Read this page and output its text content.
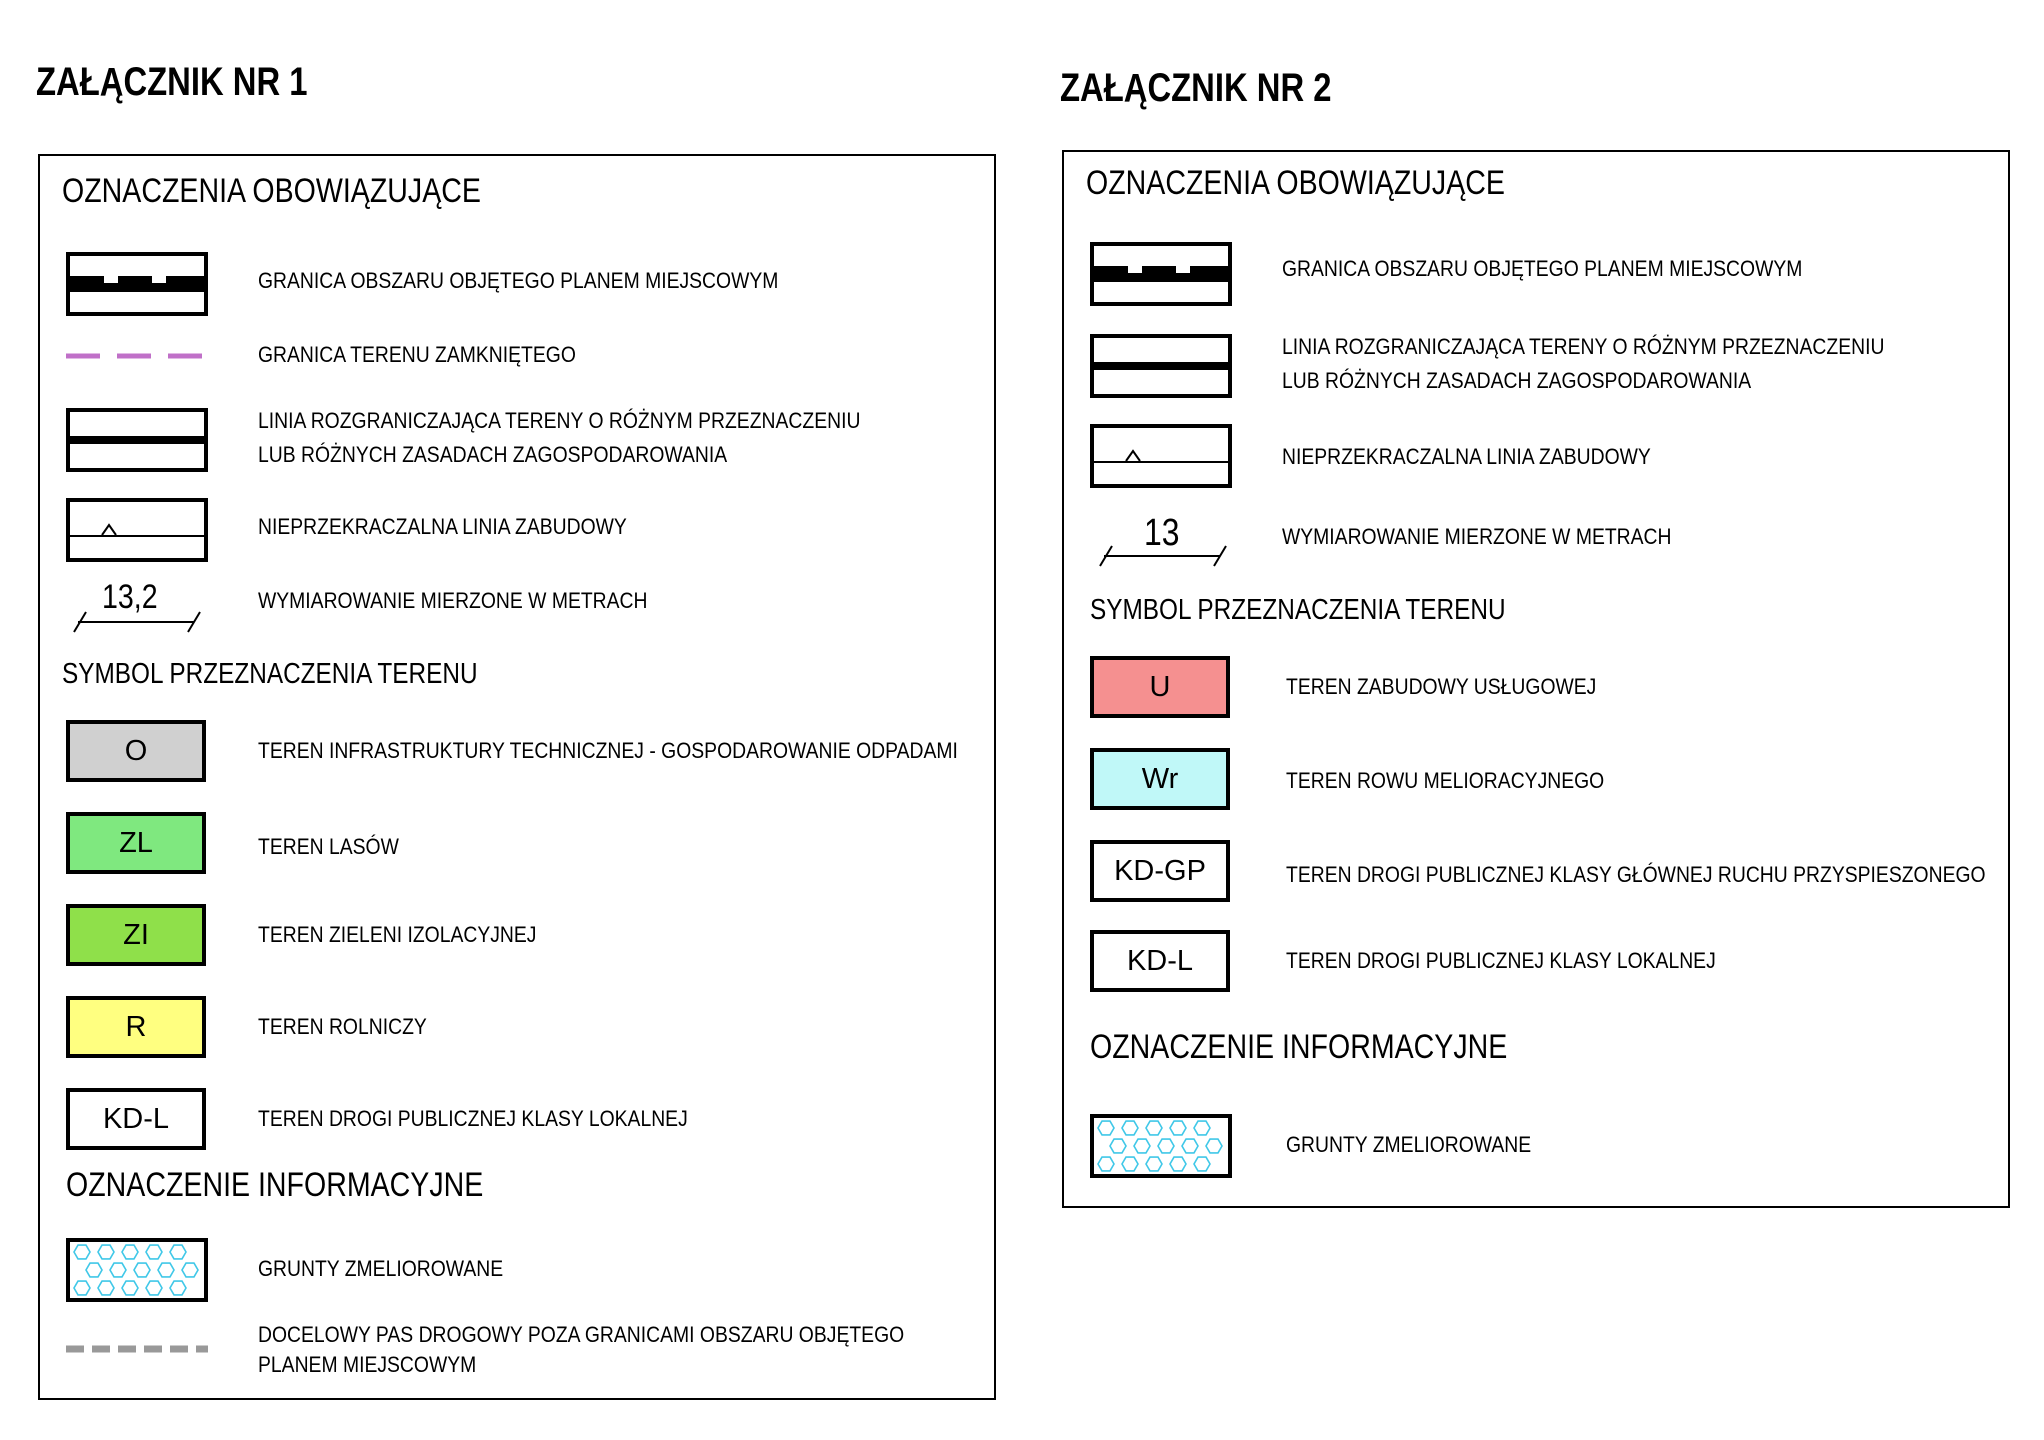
ZAŁĄCZNIK NR 1
OZNACZENIA OBOWIĄZUJĄCE
GRANICA OBSZARU OBJĘTEGO PLANEM MIEJSCOWYM
GRANICA TERENU ZAMKNIĘTEGO
LINIA ROZGRANICZAJĄCA TERENY O RÓŻNYM PRZEZNACZENIU
LUB RÓŻNYCH ZASADACH ZAGOSPODAROWANIA
NIEPRZEKRACZALNA LINIA ZABUDOWY
13,2	WYMIAROWANIE MIERZONE W METRACH
SYMBOL PRZEZNACZENIA TERENU
O	TEREN INFRASTRUKTURY TECHNICZNEJ - GOSPODAROWANIE ODPADAMI
ZL	TEREN LASÓW
ZI	TEREN ZIELENI IZOLACYJNEJ
R	TEREN ROLNICZY
KD-L	TEREN DROGI PUBLICZNEJ KLASY LOKALNEJ
OZNACZENIE INFORMACYJNE
GRUNTY ZMELIOROWANE
DOCELOWY PAS DROGOWY POZA GRANICAMI OBSZARU OBJĘTEGO
PLANEM MIEJSCOWYM
ZAŁĄCZNIK NR 2
OZNACZENIA OBOWIĄZUJĄCE
GRANICA OBSZARU OBJĘTEGO PLANEM MIEJSCOWYM
LINIA ROZGRANICZAJĄCA TERENY O RÓŻNYM PRZEZNACZENIU
LUB RÓŻNYCH ZASADACH ZAGOSPODAROWANIA
NIEPRZEKRACZALNA LINIA ZABUDOWY
13	WYMIAROWANIE MIERZONE W METRACH
SYMBOL PRZEZNACZENIA TERENU
U	TEREN ZABUDOWY USŁUGOWEJ
Wr	TEREN ROWU MELIORACYJNEGO
KD-GP	TEREN DROGI PUBLICZNEJ KLASY GŁÓWNEJ RUCHU PRZYSPIESZONEGO
KD-L	TEREN DROGI PUBLICZNEJ KLASY LOKALNEJ
OZNACZENIE INFORMACYJNE
GRUNTY ZMELIOROWANE
